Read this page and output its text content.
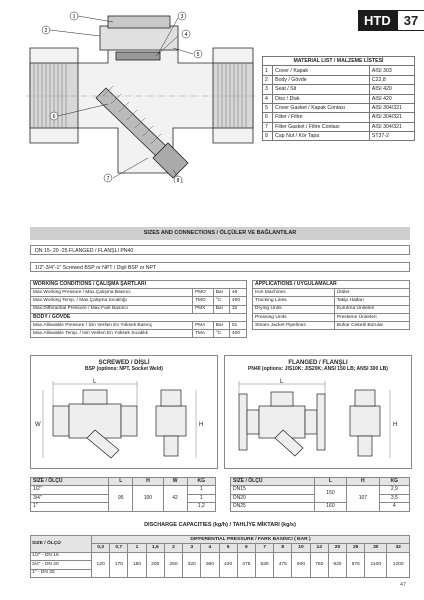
HTD	37
1
2
3
4
5
6
7	8
MATERIAL LIST / MALZEME LİSTESİ		
1	Cover / Kapak	AISI 303
2	Body / Gövde	C22,8
3	Seat / Sit	AISI 420
4	Disc / Disk	AISI 420
5	Cover Gasket / Kapak Contası	AISI 304/321
6	Filter / Filtre	AISI 304/321
7	Filter Gasket / Filtre Contası	AISI 304/321
8	Cap Nut / Kör Tapa	ST37-2
SIZES AND CONNECTIONS / ÖLÇÜLER VE BAĞLANTILAR
DN 15- 20 -25 FLANGED / FLANŞLI PN40
1/2"-3/4"-1" Screwed BSP or NPT / Dişli BSP or NPT
WORKING CONDITIONS / ÇALIŞMA ŞARTLARI			
Max.Working Pressure / Max.Çalışma Basıncı	PMO	Bar	46
Max.Working Temp. / Max.Çalışma Sıcaklığı	TMO	°C	400
Max.Differantial Pressure / Max.Fark Basıncı	PMX	Bar	32
BODY / GÖVDE			
Max.Allowable Pressure / İzin Verilen En Yüksek Basınç	PMA	Bar	51
Max.Allowable Temp. / İzin Verilen En Yüksek Sıcaklık	TMA	°C	400
APPLICATIONS / UYGULAMALAR	
Iron Machines	Ütüler
Tracking Lines	Takip Hatları
Drying Units	Kurutma Üniteleri
Pressing Units	Presleme Üniteleri
Steam Jacket Pipelines	Buhar Ceketli Borular
SCREWED / DİŞLİ
BSP (options: NPT, Socket Weld)
L
W	H
FLANGED / FLANŞLI
PN40 (options: JIS10K; JIS20K; ANSI 150 LB; ANSI 300 LB)
L
H
SIZE / ÖLÇÜ	L	H	W	KG
1/2"	95	100	42	1
3/4"				1
1"				1,2
SIZE / ÖLÇÜ	L	H	KG
DN15	150	107	2,9
DN20			3,5
DN25	160		4
DISCHARGE CAPACITIES (kg/h) / TAHLİYE MİKTARI (kg/s)
SIZE / ÖLÇÜ	DIFFERENTIAL PRESSURE / FARK BASINCI ( BAR )																
	0,3	0,7	1	1,5	2	3	4	5	6	7	8	10	14	20	25	30	32
1/2" - DN 15	120	170	180	200	250	320	360	420	475	530	475	600	750	920	975	1100	1200
3/4" - DN 20																	
1" - DN 25																	
47
